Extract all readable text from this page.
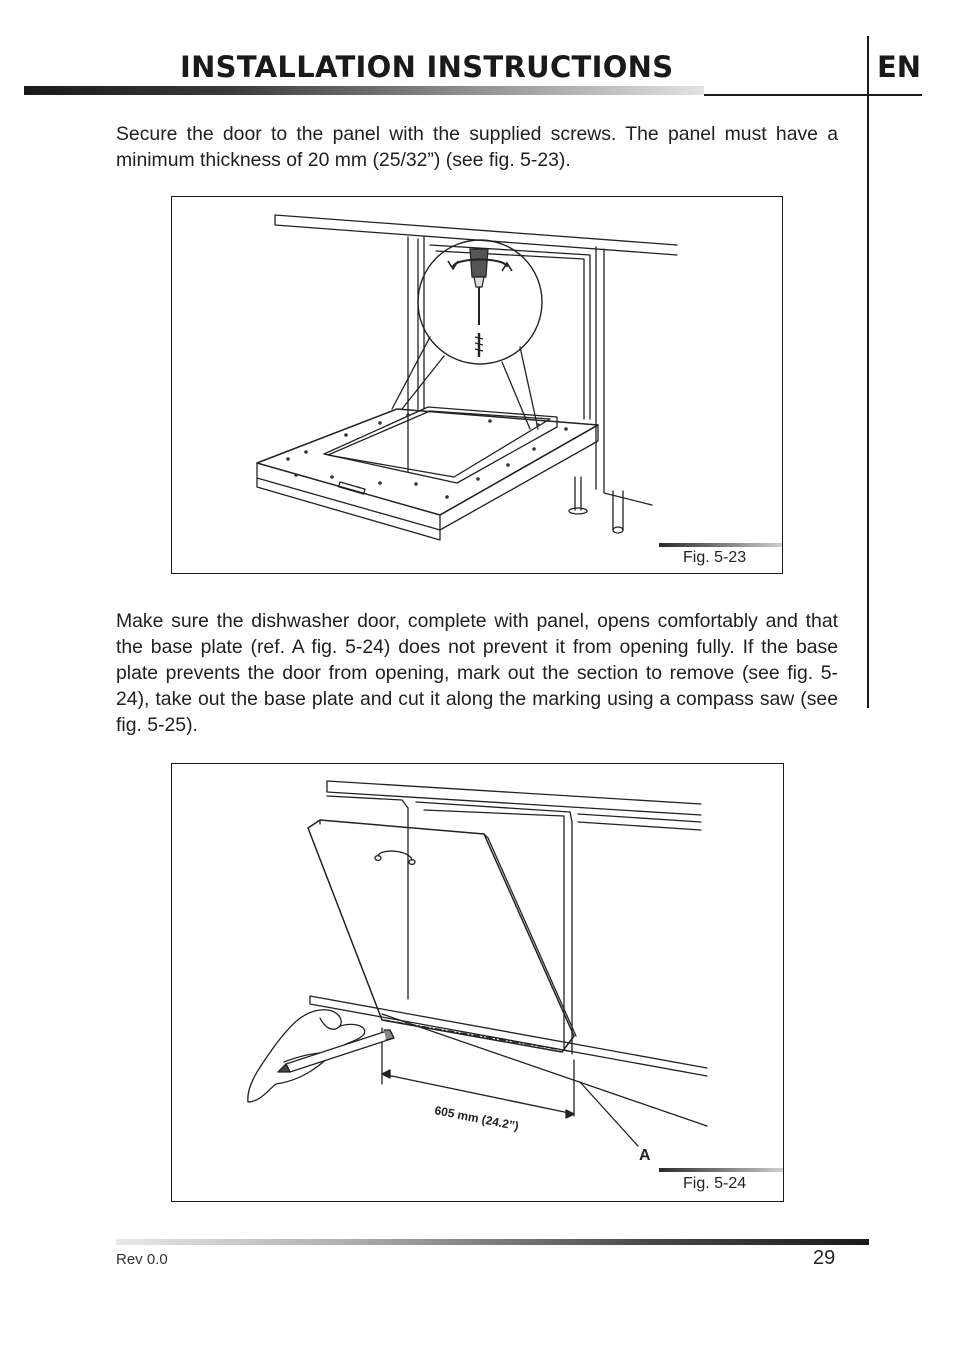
INSTALLATION INSTRUCTIONS	EN

Secure the door to the panel with the supplied screws. The panel must have a minimum thickness of 20 mm (25/32”) (see fig. 5-23).

Fig. 5-23

Make sure the dishwasher door, complete with panel, opens comfortably and that the base plate (ref. A fig. 5-24) does not prevent it from opening fully. If the base plate prevents the door from opening, mark out the section to remove (see fig. 5-24), take out the base plate and cut it along the marking using a compass saw (see fig. 5-25).

605 mm (24.2”)
A
Fig. 5-24
Rev 0.0	29
